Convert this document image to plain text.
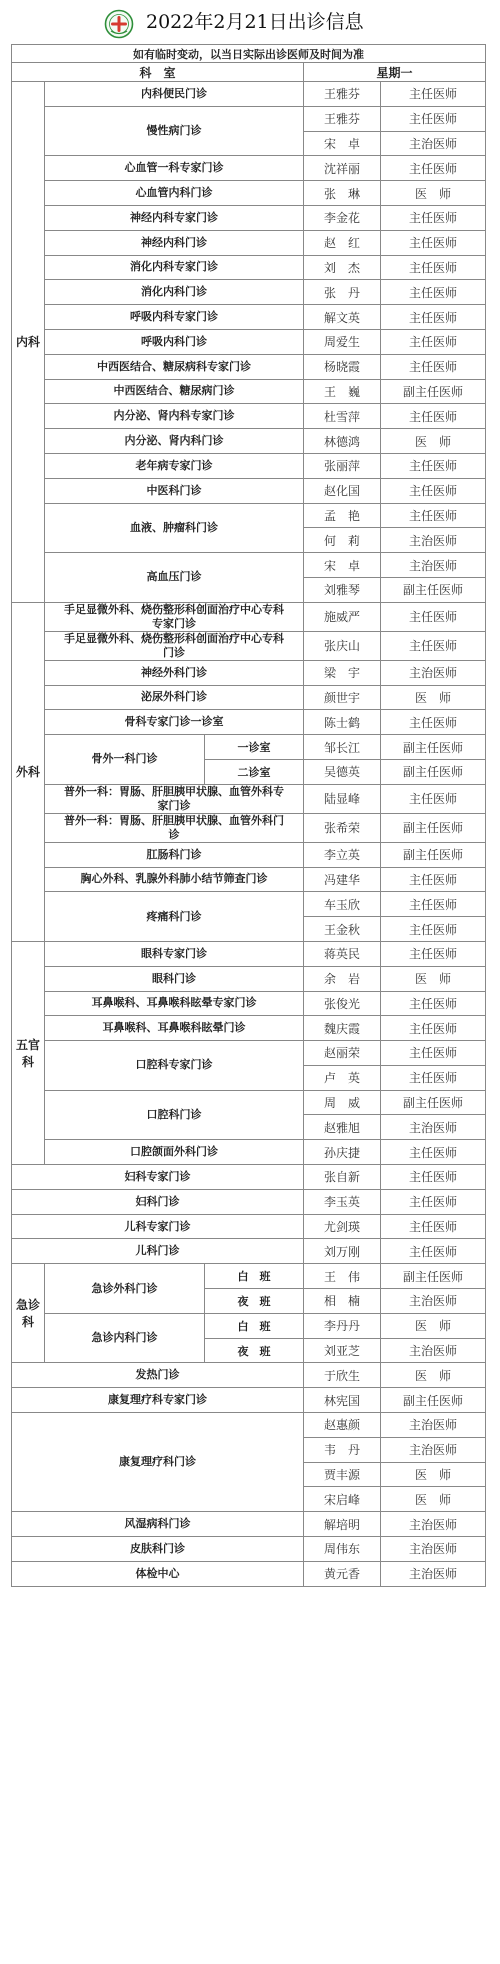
2022年2月21日出诊信息
如有临时变动，以当日实际出诊医师及时间为准				
科　室			星期一	
内科	内科便民门诊		王雅芬	主任医师

	慢性病门诊		王雅芬	主任医师
			宋　卓	主治医师

	心血管一科专家门诊		沈祥丽	主任医师

	心血管内科门诊		张　琳	医　师

	神经内科专家门诊		李金花	主任医师

	神经内科门诊		赵　红	主任医师

	消化内科专家门诊		刘　杰	主任医师

	消化内科门诊		张　丹	主任医师

	呼吸内科专家门诊		解文英	主任医师

	呼吸内科门诊		周爱生	主任医师

	中西医结合、糖尿病科专家门诊		杨晓霞	主任医师

	中西医结合、糖尿病门诊		王　巍	副主任医师

	内分泌、肾内科专家门诊		杜雪萍	主任医师

	内分泌、肾内科门诊		林德鸿	医　师

	老年病专家门诊		张丽萍	主任医师

	中医科门诊		赵化国	主任医师

	血液、肿瘤科门诊		孟　艳	主任医师
			何　莉	主治医师

	高血压门诊		宋　卓	主治医师
			刘雅琴	副主任医师
外科	手足显微外科、烧伤整形科创面治疗中心专科专家门诊		施威严	主任医师

	手足显微外科、烧伤整形科创面治疗中心专科门诊		张庆山	主任医师

	神经外科门诊		梁　宇	主治医师

	泌尿外科门诊		颜世宇	医　师

	骨科专家门诊一诊室		陈士鹤	主任医师

	骨外一科门诊	一诊室	邹长江	副主任医师
		二诊室	吴德英	副主任医师

	普外一科：胃肠、肝胆胰甲状腺、血管外科专家门诊		陆显峰	主任医师

	普外一科：胃肠、肝胆胰甲状腺、血管外科门诊		张希荣	副主任医师

	肛肠科门诊		李立英	副主任医师

	胸心外科、乳腺外科肺小结节筛查门诊		冯建华	主任医师

	疼痛科门诊		车玉欣	主任医师
			王金秋	主任医师
五官科	眼科专家门诊		蒋英民	主任医师

	眼科门诊		余　岩	医　师

	耳鼻喉科、耳鼻喉科眩晕专家门诊		张俊光	主任医师

	耳鼻喉科、耳鼻喉科眩晕门诊		魏庆霞	主任医师

	口腔科专家门诊		赵丽荣	主任医师
			卢　英	主任医师

	口腔科门诊		周　威	副主任医师
			赵雅旭	主治医师

	口腔颌面外科门诊		孙庆捷	主任医师

妇科专家门诊			张自新	主任医师

妇科门诊			李玉英	主任医师

儿科专家门诊			尤剑瑛	主任医师

儿科门诊			刘万刚	主任医师
急诊科	急诊外科门诊	白　班	王　伟	副主任医师
		夜　班	相　楠	主治医师

	急诊内科门诊	白　班	李丹丹	医　师
		夜　班	刘亚芝	主治医师

发热门诊			于欣生	医　师

康复理疗科专家门诊			林宪国	副主任医师

康复理疗科门诊			赵惠颜	主治医师
			韦　丹	主治医师
			贾丰源	医　师
			宋启峰	医　师

风湿病科门诊			解培明	主治医师

皮肤科门诊			周伟东	主治医师

体检中心			黄元香	主治医师
